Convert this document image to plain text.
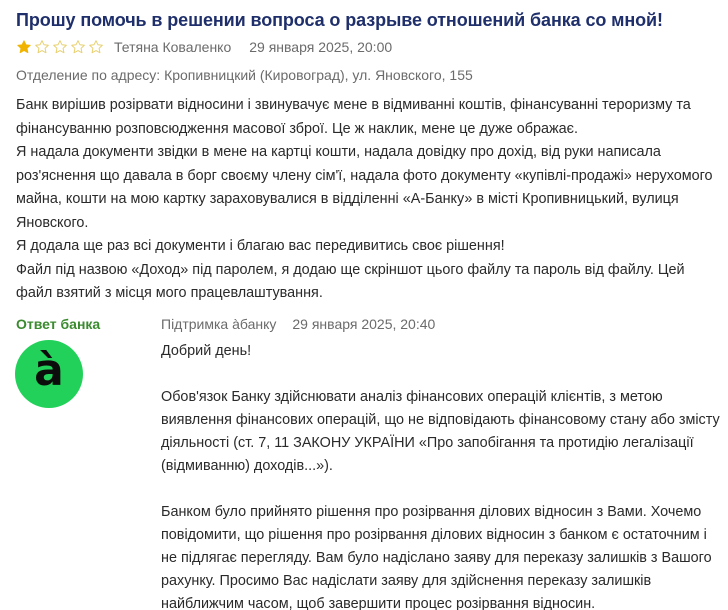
Прошу помочь в решении вопроса о разрыве отношений банка со мной!
Тетяна Коваленко 29 января 2025, 20:00
Отделение по адресу: Кропивницкий (Кировоград), ул. Яновского, 155

Банк вирішив розірвати відносини і звинувачує мене в відмиванні коштів, фінансуванні тероризму та фінансуванню розповсюдження масової зброї. Це ж наклик, мене це дуже ображає.

Я надала документи звідки в мене на картці кошти, надала довідку про дохід, від руки написала роз'яснення що давала в борг своєму члену сім'ї, надала фото документу «купівлі-продажі» нерухомого майна, кошти на мою картку зараховувалися в відділенні «А-Банку» в місті Кропивницький, вулиця Яновского.

Я додала ще раз всі документи і благаю вас передивитись своє рішення!

Файл під назвою «Доход» під паролем, я додаю ще скріншот цього файлу та пароль від файлу. Цей файл взятий з місця мого працевлаштування.

Ответ банка
à
Підтримка àбанку 29 января 2025, 20:40

Добрий день!

Обов'язок Банку здійснювати аналіз фінансових операцій клієнтів, з метою виявлення фінансових операцій, що не відповідають фінансовому стану або змісту діяльності (ст. 7, 11 ЗАКОНУ УКРАЇНИ «Про запобігання та протидію легалізації (відмиванню) доходів...»).

Банком було прийнято рішення про розірвання ділових відносин з Вами. Хочемо повідомити, що рішення про розірвання ділових відносин з банком є остаточним і не підлягає перегляду. Вам було надіслано заяву для переказу залишків з Вашого рахунку. Просимо Вас надіслати заяву для здійснення переказу залишків найближчим часом, щоб завершити процес розірвання відносин.
